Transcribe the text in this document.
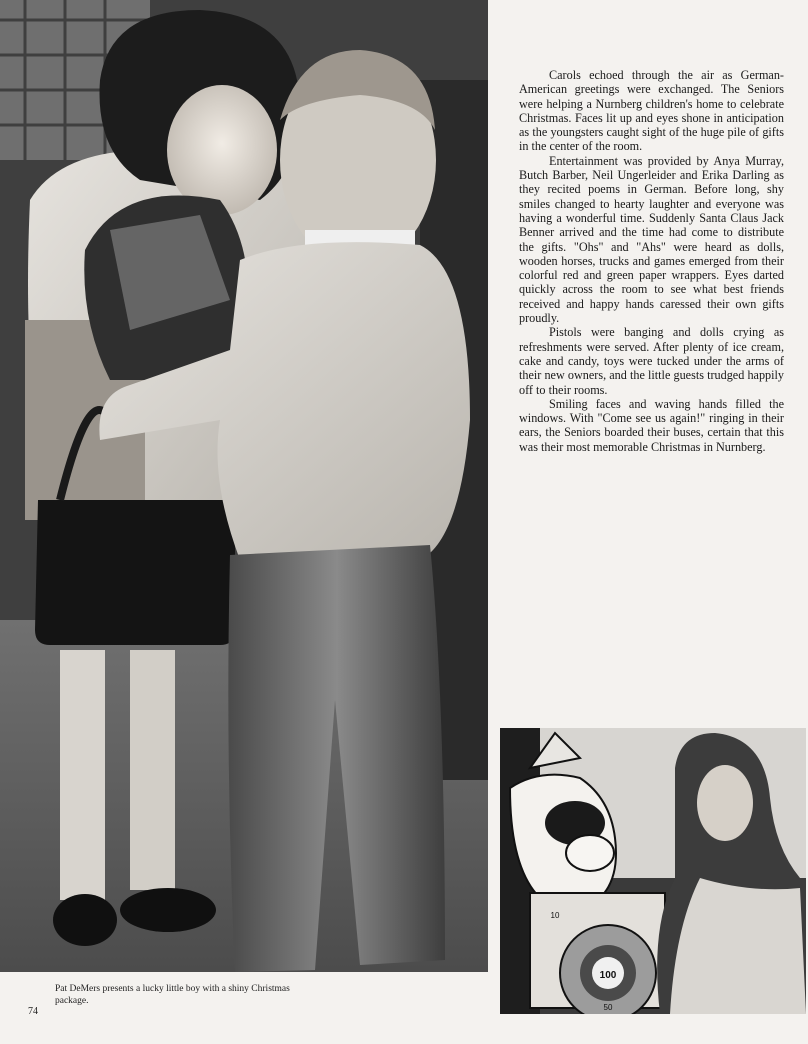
Carols echoed through the air as German-American greetings were exchanged. The Seniors were helping a Nurnberg children's home to celebrate Christmas. Faces lit up and eyes shone in anticipation as the youngsters caught sight of the huge pile of gifts in the center of the room.

Entertainment was provided by Anya Murray, Butch Barber, Neil Ungerleider and Erika Darling as they recited poems in German. Before long, shy smiles changed to hearty laughter and everyone was having a wonderful time. Suddenly Santa Claus Jack Benner arrived and the time had come to distribute the gifts. "Ohs" and "Ahs" were heard as dolls, wooden horses, trucks and games emerged from their colorful red and green paper wrappers. Eyes darted quickly across the room to see what best friends received and happy hands caressed their own gifts proudly.

Pistols were banging and dolls crying as refreshments were served. After plenty of ice cream, cake and candy, toys were tucked under the arms of their new owners, and the little guests trudged happily off to their rooms.

Smiling faces and waving hands filled the windows. With "Come see us again!" ringing in their ears, the Seniors boarded their buses, certain that this was their most memorable Christmas in Nurnberg.

100
10
50
Pat DeMers presents a lucky little boy with a shiny Christmas package.
74
